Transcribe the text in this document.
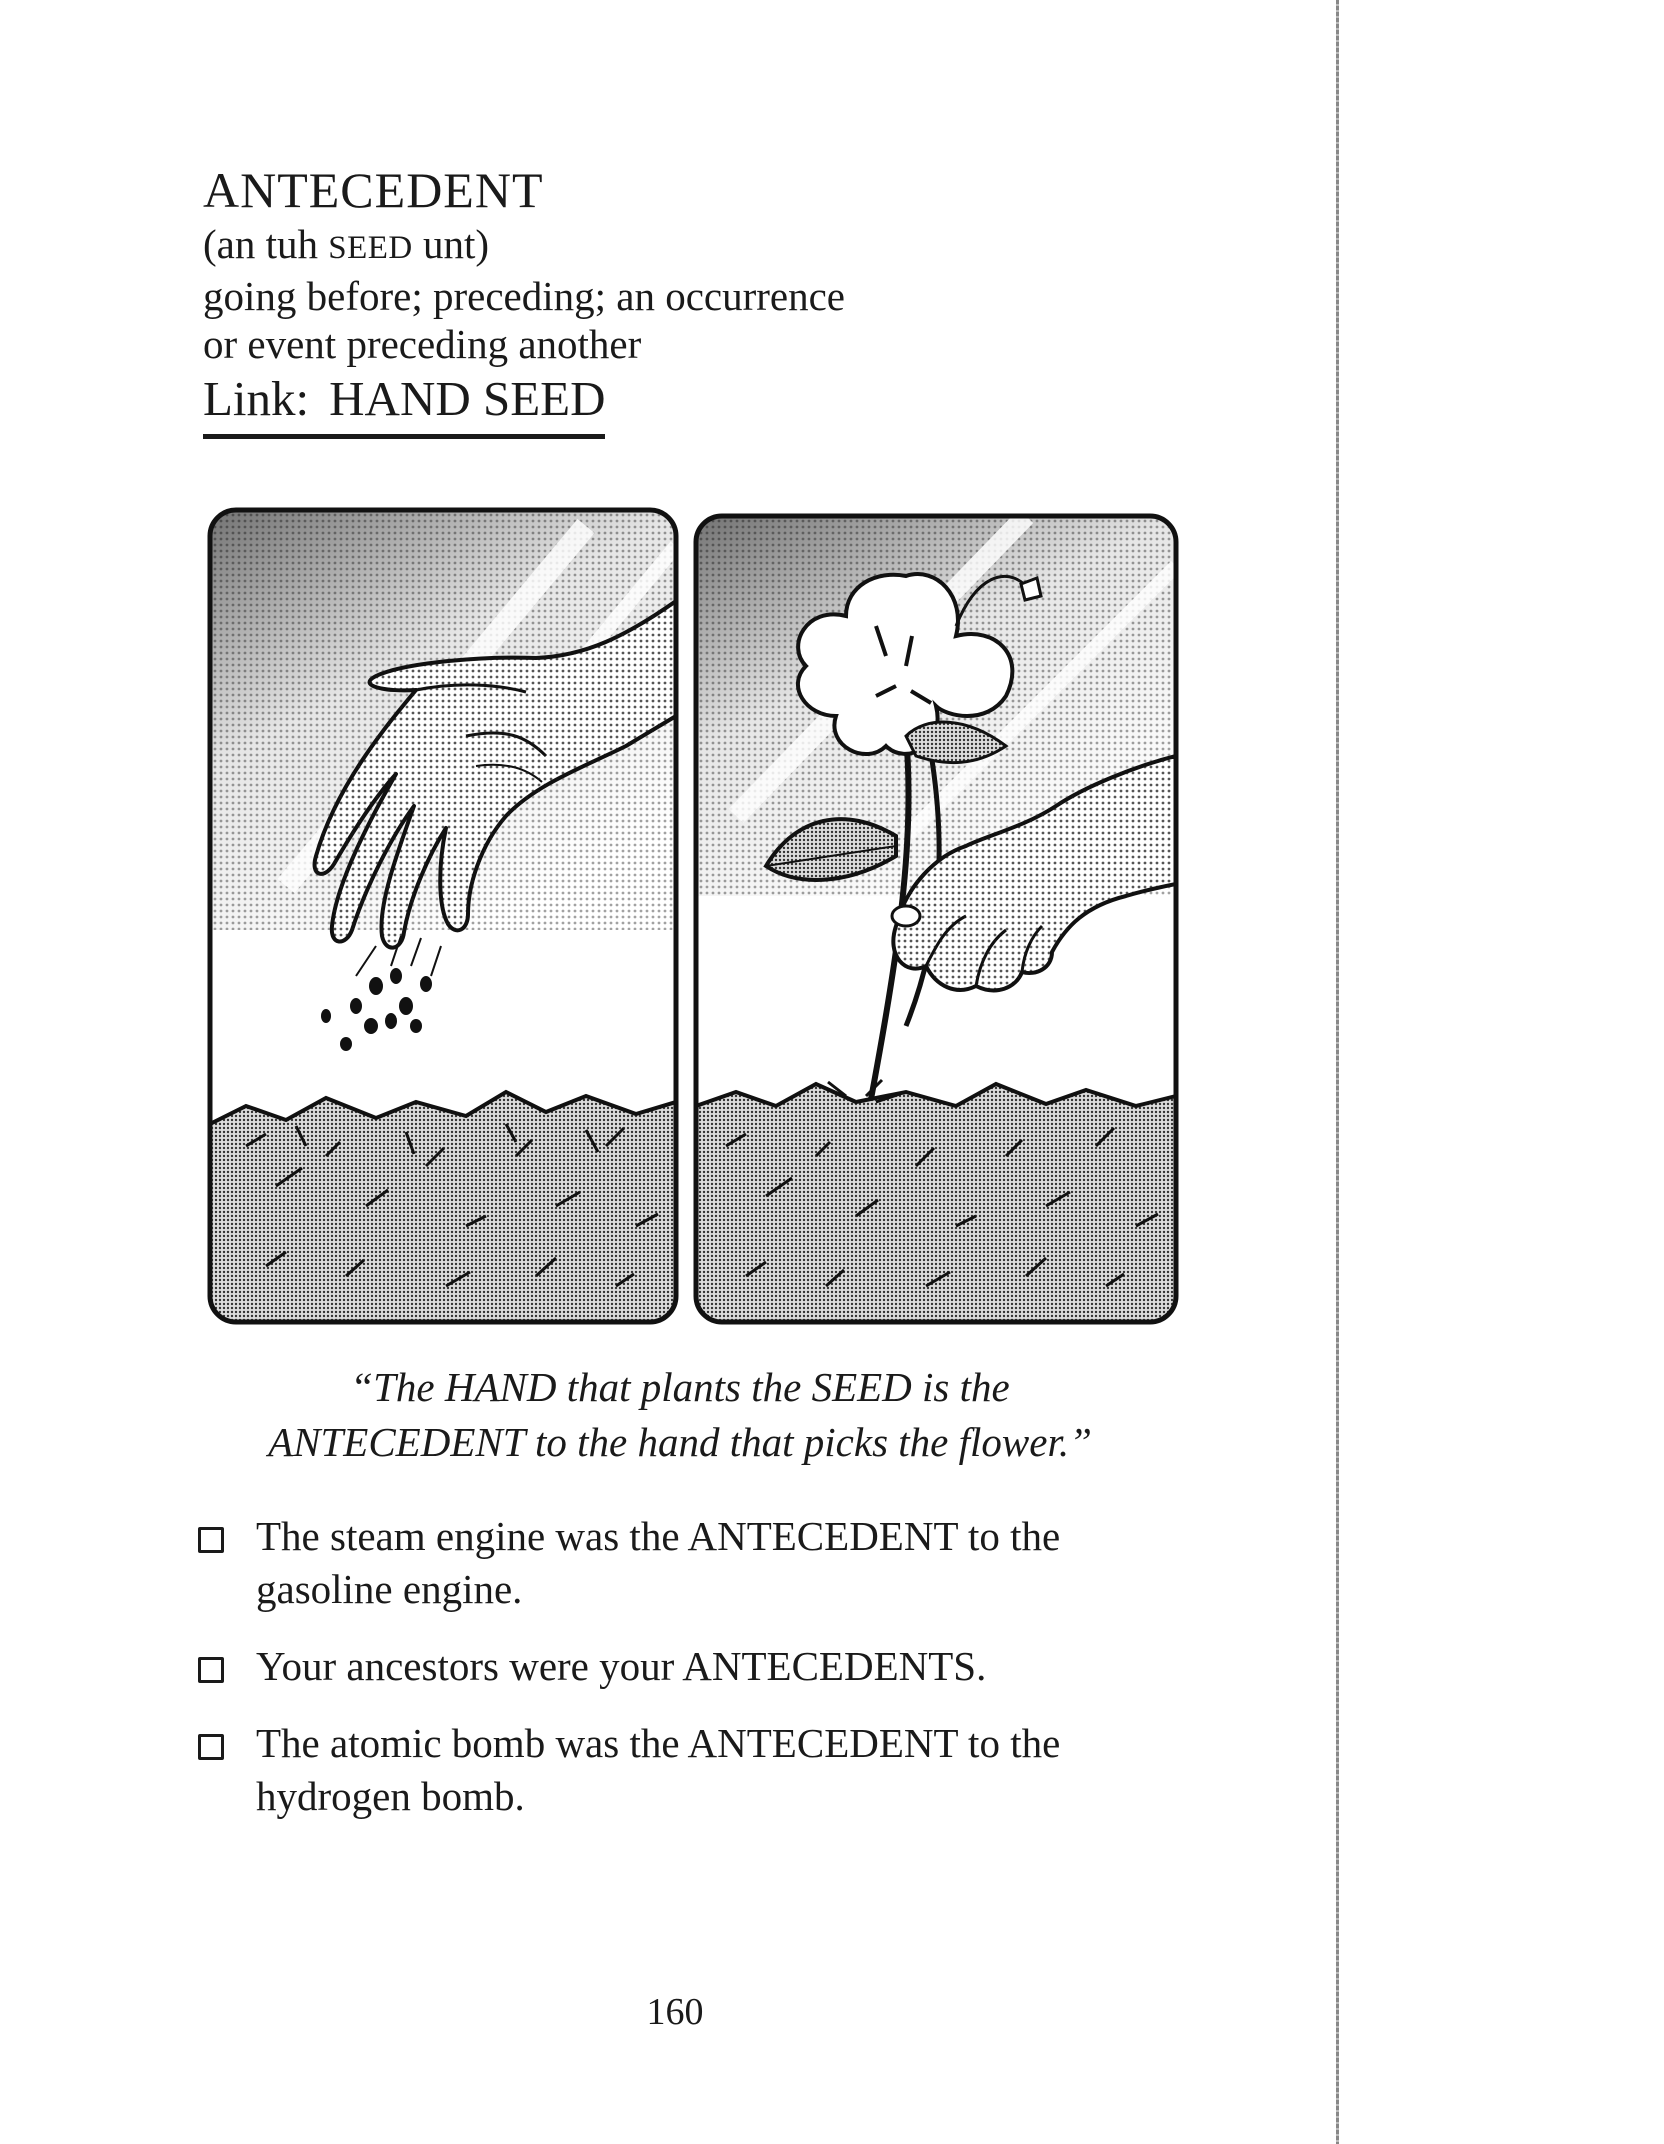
ANTECEDENT

(an tuh SEED unt)

going before; preceding; an occurrence

or event preceding another

Link: HAND SEED
“The HAND that plants the SEED is the
ANTECEDENT to the hand that picks the flower.”
The steam engine was the ANTECEDENT to the
gasoline engine.
Your ancestors were your ANTECEDENTS.
The atomic bomb was the ANTECEDENT to the
hydrogen bomb.
160
